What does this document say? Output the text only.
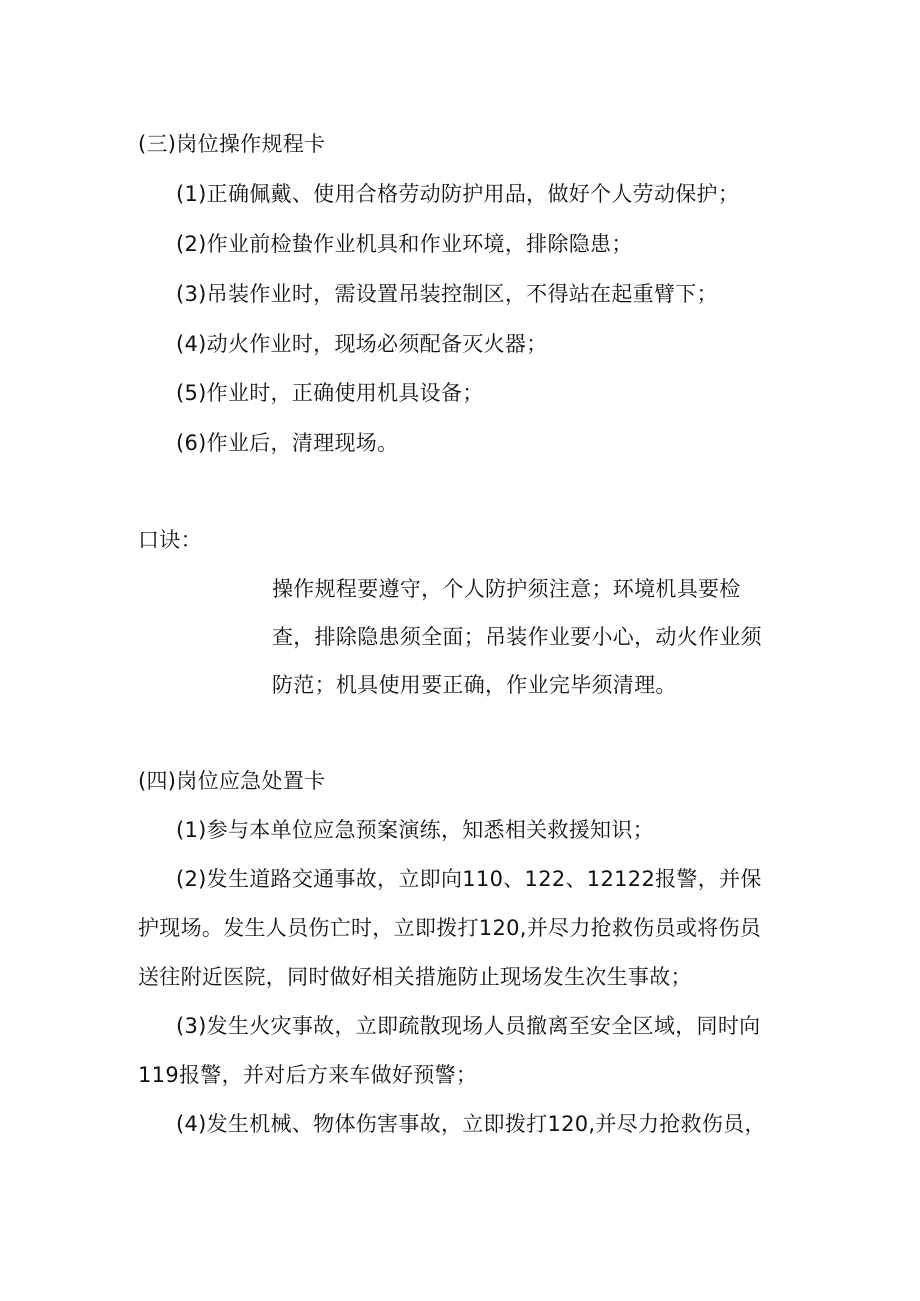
(三)岗位操作规程卡
(1)正确佩戴、使用合格劳动防护用品，做好个人劳动保护；
(2)作业前检蛰作业机具和作业环境，排除隐患；
(3)吊装作业时，需设置吊装控制区，不得站在起重臂下；
(4)动火作业时，现场必须配备灭火器；
(5)作业时，正确使用机具设备；
(6)作业后，清理现场。
口诀：
操作规程要遵守，个人防护须注意；环境机具要检
查，排除隐患须全面；吊装作业要小心，动火作业须
防范；机具使用要正确，作业完毕须清理。
(四)岗位应急处置卡
(1)参与本单位应急预案演练，知悉相关救援知识；
(2)发生道路交通事故，立即向110、122、12122报警，并保
护现场。发生人员伤亡时，立即拨打120,并尽力抢救伤员或将伤员
送往附近医院，同时做好相关措施防止现场发生次生事故；
(3)发生火灾事故，立即疏散现场人员撤离至安全区域，同时向
119报警，并对后方来车做好预警；
(4)发生机械、物体伤害事故，立即拨打120,并尽力抢救伤员，
